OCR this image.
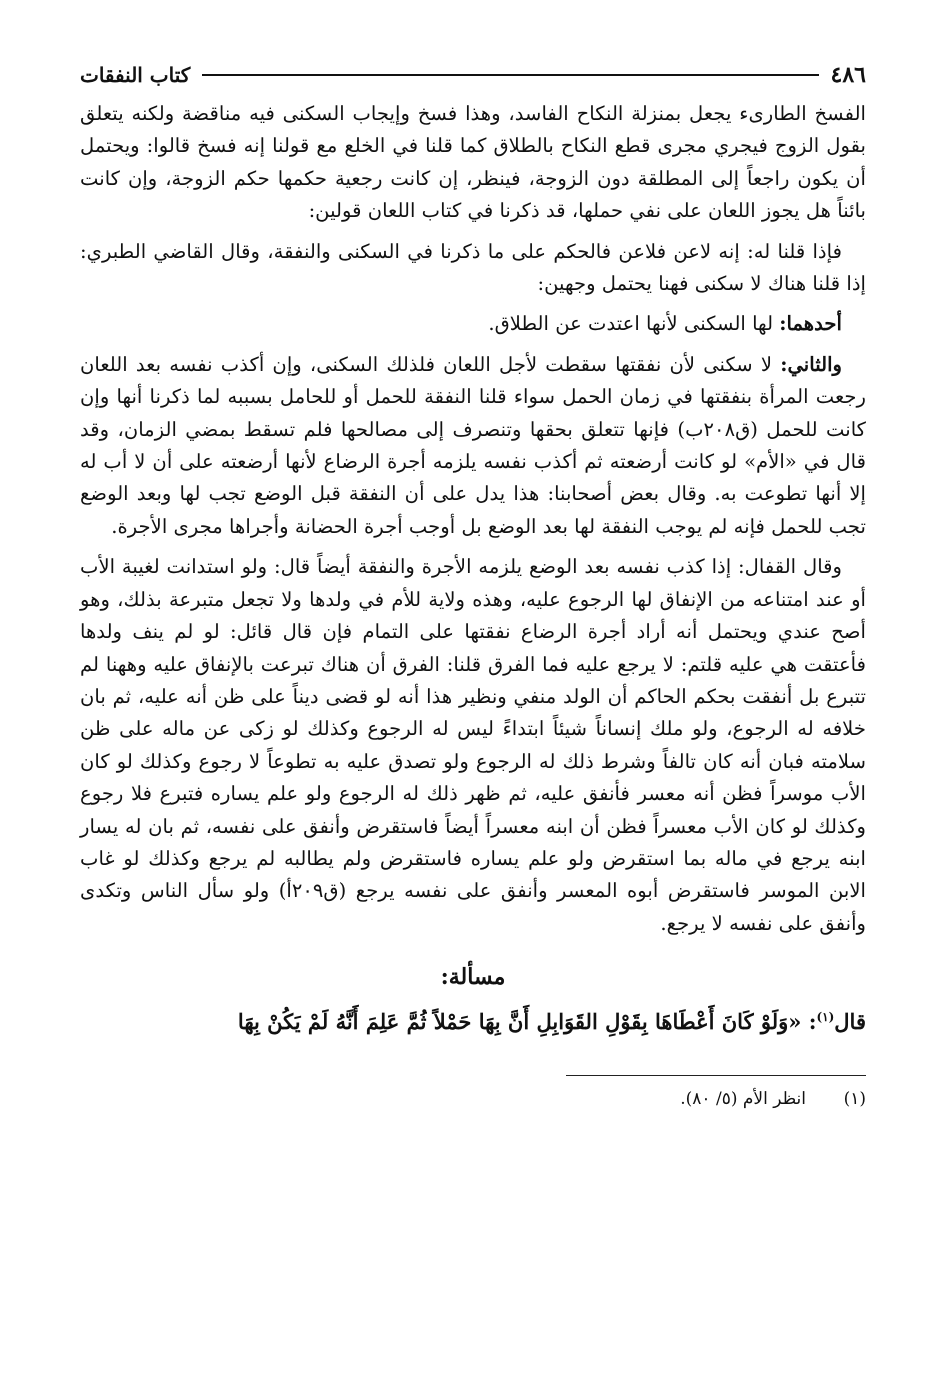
٤٨٦
كتاب النفقات

الفسخ الطارىء يجعل بمنزلة النكاح الفاسد، وهذا فسخ وإيجاب السكنى فيه مناقضة ولكنه يتعلق بقول الزوج فيجري مجرى قطع النكاح بالطلاق كما قلنا في الخلع مع قولنا إنه فسخ قالوا: ويحتمل أن يكون راجعاً إلى المطلقة دون الزوجة، فينظر، إن كانت رجعية حكمها حكم الزوجة، وإن كانت بائناً هل يجوز اللعان على نفي حملها، قد ذكرنا في كتاب اللعان قولين:

فإذا قلنا له: إنه لاعن فلاعن فالحكم على ما ذكرنا في السكنى والنفقة، وقال القاضي الطبري: إذا قلنا هناك لا سكنى فهنا يحتمل وجهين:

أحدهما: لها السكنى لأنها اعتدت عن الطلاق.

والثاني: لا سكنى لأن نفقتها سقطت لأجل اللعان فلذلك السكنى، وإن أكذب نفسه بعد اللعان رجعت المرأة بنفقتها في زمان الحمل سواء قلنا النفقة للحمل أو للحامل بسببه لما ذكرنا أنها وإن كانت للحمل (ق٢٠٨ب) فإنها تتعلق بحقها وتنصرف إلى مصالحها فلم تسقط بمضي الزمان، وقد قال في «الأم» لو كانت أرضعته ثم أكذب نفسه يلزمه أجرة الرضاع لأنها أرضعته على أن لا أب له إلا أنها تطوعت به. وقال بعض أصحابنا: هذا يدل على أن النفقة قبل الوضع تجب لها وبعد الوضع تجب للحمل فإنه لم يوجب النفقة لها بعد الوضع بل أوجب أجرة الحضانة وأجراها مجرى الأجرة.

وقال القفال: إذا كذب نفسه بعد الوضع يلزمه الأجرة والنفقة أيضاً قال: ولو استدانت لغيبة الأب أو عند امتناعه من الإنفاق لها الرجوع عليه، وهذه ولاية للأم في ولدها ولا تجعل متبرعة بذلك، وهو أصح عندي ويحتمل أنه أراد أجرة الرضاع نفقتها على التمام فإن قال قائل: لو لم ينف ولدها فأعتقت هي عليه قلتم: لا يرجع عليه فما الفرق قلنا: الفرق أن هناك تبرعت بالإنفاق عليه وههنا لم تتبرع بل أنفقت بحكم الحاكم أن الولد منفي ونظير هذا أنه لو قضى ديناً على ظن أنه عليه، ثم بان خلافه له الرجوع، ولو ملك إنساناً شيئاً ابتداءً ليس له الرجوع وكذلك لو زكى عن ماله على ظن سلامته فبان أنه كان تالفاً وشرط ذلك له الرجوع ولو تصدق عليه به تطوعاً لا رجوع وكذلك لو كان الأب موسراً فظن أنه معسر فأنفق عليه، ثم ظهر ذلك له الرجوع ولو علم يساره فتبرع فلا رجوع وكذلك لو كان الأب معسراً فظن أن ابنه معسراً أيضاً فاستقرض وأنفق على نفسه، ثم بان له يسار ابنه يرجع في ماله بما استقرض ولو علم يساره فاستقرض ولم يطالبه لم يرجع وكذلك لو غاب الابن الموسر فاستقرض أبوه المعسر وأنفق على نفسه يرجع (ق٢٠٩أ) ولو سأل الناس وتكدى وأنفق على نفسه لا يرجع.

مسألة:
قال$^{(١)}$: «وَلَوْ كَانَ أَعْطَاهَا بِقَوْلِ القَوَابِلِ أَنَّ بِهَا حَمْلاً ثُمَّ عَلِمَ أَنَّهُ لَمْ يَكُنْ بِهَا
(١)انظر الأم (٥/ ٨٠).
